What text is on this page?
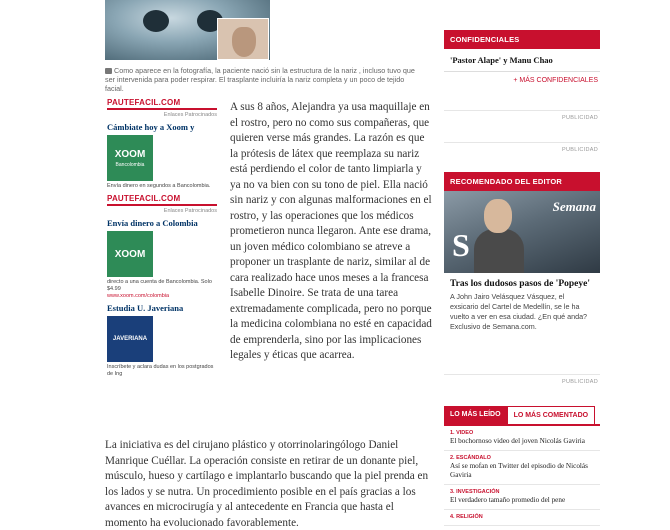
Como aparece en la fotografía, la paciente nació sin la estructura de la nariz , incluso tuvo que ser intervenida para poder respirar. El trasplante incluiría la nariz completa y un poco de tejido facial.
PAUTEFACIL.COM
Enlaces Patrocinados
Cámbiate hoy a Xoom y
XOOM
Bancolombia
Envía dinero en segundos a Bancolombia.
PAUTEFACIL.COM
Enlaces Patrocinados
Envía dinero a Colombia
XOOM
directo a una cuenta de Bancolombia. Solo $4.99
www.xoom.com/colombia
Estudia U. Javeriana
JAVERIANA
Inscríbete y aclara dudas en los postgrados de Ing

A sus 8 años, Alejandra ya usa maquillaje en el rostro, pero no como sus compañeras, que quieren verse más grandes. La razón es que la prótesis de látex que reemplaza su nariz está perdiendo el color de tanto limpiarla y ya no va bien con su tono de piel. Ella nació sin nariz y con algunas malformaciones en el rostro, y las operaciones que los médicos prometieron nunca llegaron. Ante ese drama, un joven médico colombiano se atreve a proponer un trasplante de nariz, similar al de cara realizado hace unos meses a la francesa Isabelle Dinoire. Se trata de una tarea extremadamente complicada, pero no porque la medicina colombiana no esté en capacidad de emprenderla, sino por las implicaciones legales y éticas que acarrea.

La iniciativa es del cirujano plástico y otorrinolaringólogo Daniel Manrique Cuéllar. La operación consiste en retirar de un donante piel, músculo, hueso y cartílago e implantarlo buscando que la piel prenda en los lados y se nutra. Un procedimiento posible en el país gracias a los avances en microcirugía y al antecedente en Francia que hasta el momento ha evolucionado favorablemente.

CONFIDENCIALES
'Pastor Alape' y Manu Chao
+ MÁS CONFIDENCIALES
PUBLICIDAD
PUBLICIDAD
RECOMENDADO DEL EDITOR
S
Semana
Tras los dudosos pasos de 'Popeye'
A John Jairo Velásquez Vásquez, el exsicario del Cartel de Medellín, se le ha vuelto a ver en esa ciudad. ¿En qué anda? Exclusivo de Semana.com.
PUBLICIDAD
LO MÁS LEÍDO	LO MÁS COMENTADO
1. VIDEO
El bochornoso video del joven Nicolás Gaviria
2. ESCÁNDALO
Así se mofan en Twitter del episodio de Nicolás Gaviria
3. INVESTIGACIÓN
El verdadero tamaño promedio del pene
4. RELIGIÓN
